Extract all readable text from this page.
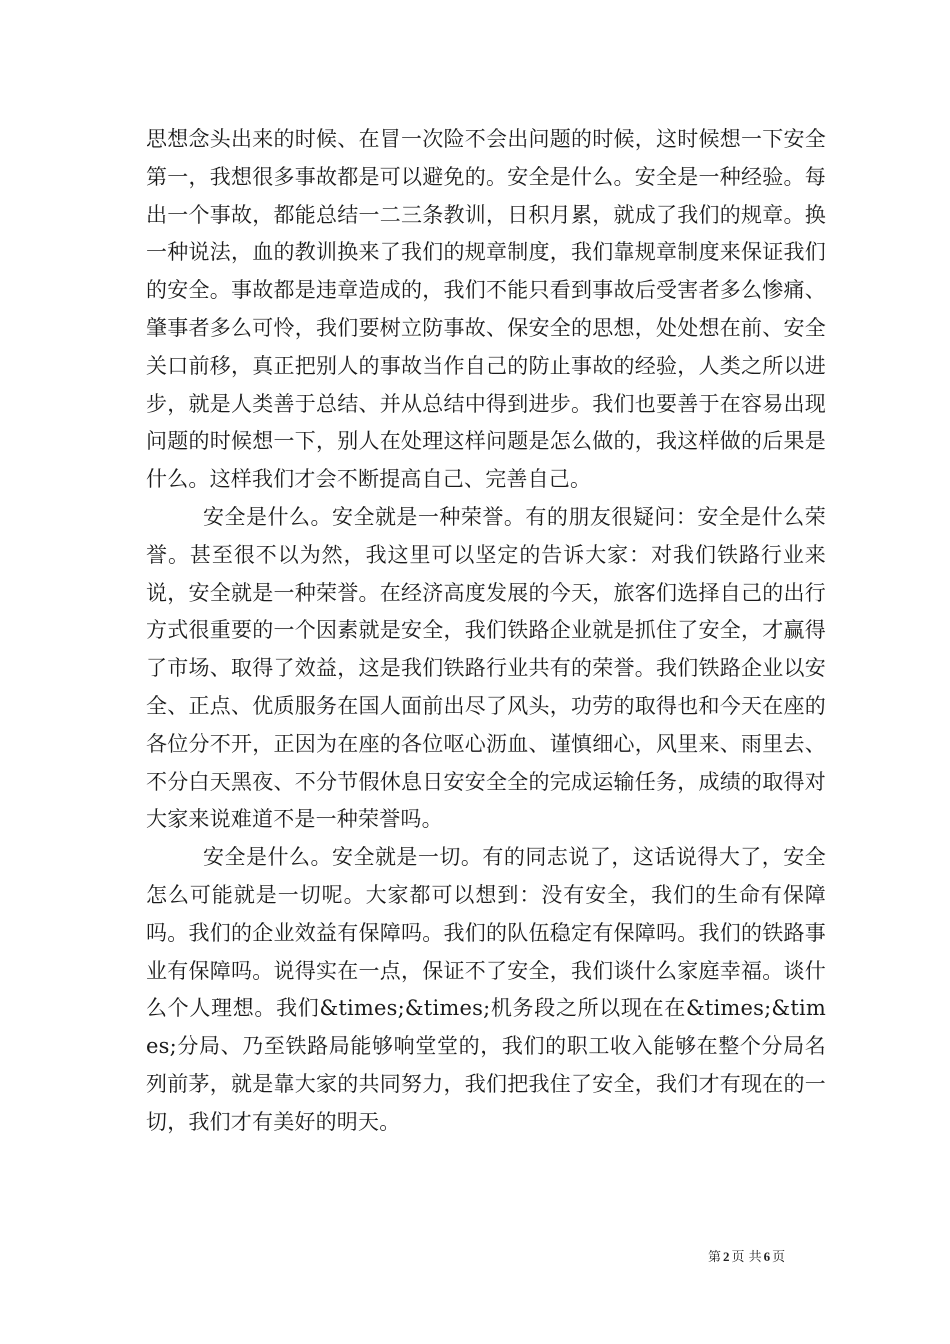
思想念头出来的时候、在冒一次险不会出问题的时候，这时候想一下安全第一，我想很多事故都是可以避免的。安全是什么。安全是一种经验。每出一个事故，都能总结一二三条教训，日积月累，就成了我们的规章。换一种说法，血的教训换来了我们的规章制度，我们靠规章制度来保证我们的安全。事故都是违章造成的，我们不能只看到事故后受害者多么惨痛、肇事者多么可怜，我们要树立防事故、保安全的思想，处处想在前、安全关口前移，真正把别人的事故当作自己的防止事故的经验，人类之所以进步，就是人类善于总结、并从总结中得到进步。我们也要善于在容易出现问题的时候想一下，别人在处理这样问题是怎么做的，我这样做的后果是什么。这样我们才会不断提高自己、完善自己。

安全是什么。安全就是一种荣誉。有的朋友很疑问：安全是什么荣誉。甚至很不以为然，我这里可以坚定的告诉大家：对我们铁路行业来说，安全就是一种荣誉。在经济高度发展的今天，旅客们选择自己的出行方式很重要的一个因素就是安全，我们铁路企业就是抓住了安全，才赢得了市场、取得了效益，这是我们铁路行业共有的荣誉。我们铁路企业以安全、正点、优质服务在国人面前出尽了风头，功劳的取得也和今天在座的各位分不开，正因为在座的各位呕心沥血、谨慎细心，风里来、雨里去、不分白天黑夜、不分节假休息日安安全全的完成运输任务，成绩的取得对大家来说难道不是一种荣誉吗。

安全是什么。安全就是一切。有的同志说了，这话说得大了，安全怎么可能就是一切呢。大家都可以想到：没有安全，我们的生命有保障吗。我们的企业效益有保障吗。我们的队伍稳定有保障吗。我们的铁路事业有保障吗。说得实在一点，保证不了安全，我们谈什么家庭幸福。谈什么个人理想。我们&times;&times;机务段之所以现在在&times;&times;分局、乃至铁路局能够响堂堂的，我们的职工收入能够在整个分局名列前茅，就是靠大家的共同努力，我们把我住了安全，我们才有现在的一切，我们才有美好的明天。

第 2 页 共 6 页
